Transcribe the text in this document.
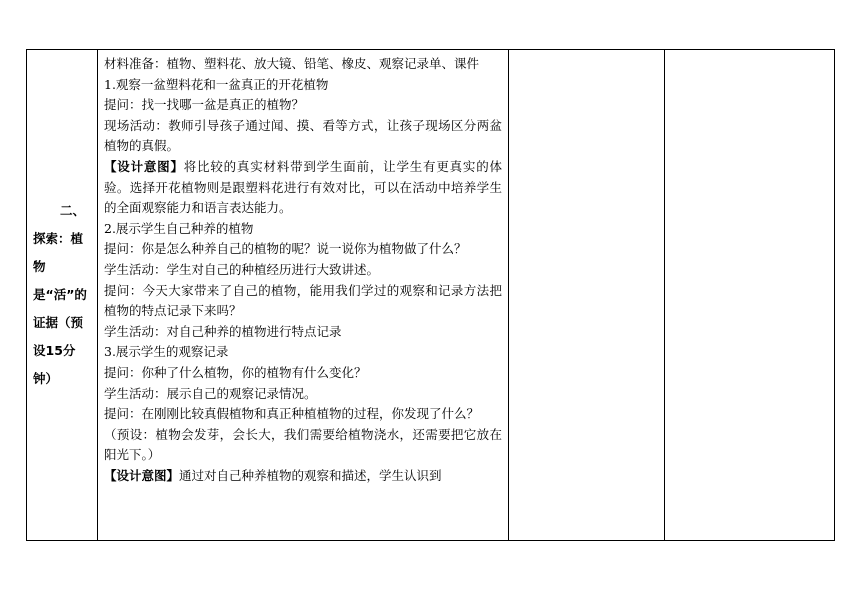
二、
探索：植物是“活”的证据（预设15分钟）

材料准备：植物、塑料花、放大镜、铅笔、橡皮、观察记录单、课件

1.观察一盆塑料花和一盆真正的开花植物

提问：找一找哪一盆是真正的植物？

现场活动：教师引导孩子通过闻、摸、看等方式，让孩子现场区分两盆植物的真假。

【设计意图】将比较的真实材料带到学生面前，让学生有更真实的体验。选择开花植物则是跟塑料花进行有效对比，可以在活动中培养学生的全面观察能力和语言表达能力。

2.展示学生自己种养的植物

提问：你是怎么种养自己的植物的呢？说一说你为植物做了什么？

学生活动：学生对自己的种植经历进行大致讲述。

提问：今天大家带来了自己的植物，能用我们学过的观察和记录方法把植物的特点记录下来吗？

学生活动：对自己种养的植物进行特点记录

3.展示学生的观察记录

提问：你种了什么植物，你的植物有什么变化？

学生活动：展示自己的观察记录情况。

提问：在刚刚比较真假植物和真正种植植物的过程，你发现了什么？

（预设：植物会发芽，会长大，我们需要给植物浇水，还需要把它放在阳光下。）

【设计意图】通过对自己种养植物的观察和描述，学生认识到
